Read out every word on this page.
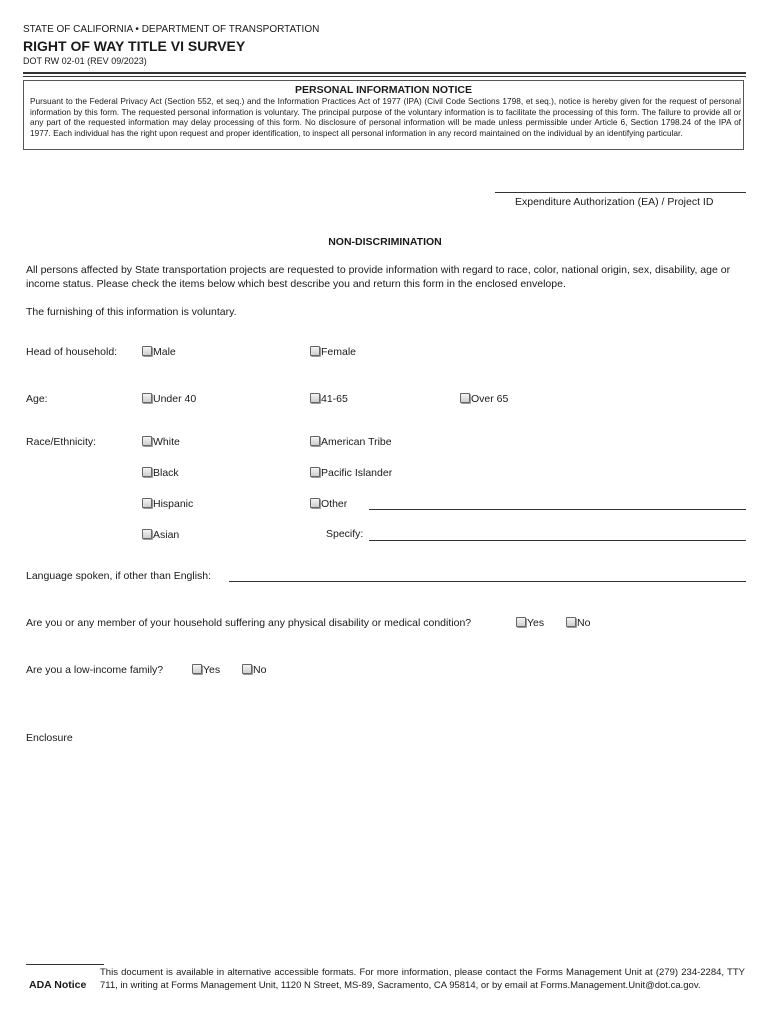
STATE OF CALIFORNIA • DEPARTMENT OF TRANSPORTATION
RIGHT OF WAY TITLE VI SURVEY
DOT RW 02-01 (REV 09/2023)
PERSONAL INFORMATION NOTICE
Pursuant to the Federal Privacy Act (Section 552, et seq.) and the Information Practices Act of 1977 (IPA) (Civil Code Sections 1798, et seq.), notice is hereby given for the request of personal information by this form. The requested personal information is voluntary. The principal purpose of the voluntary information is to facilitate the processing of this form. The failure to provide all or any part of the requested information may delay processing of this form. No disclosure of personal information will be made unless permissible under Article 6, Section 1798.24 of the IPA of 1977. Each individual has the right upon request and proper identification, to inspect all personal information in any record maintained on the individual by an identifying particular.
Expenditure Authorization (EA) / Project ID
NON-DISCRIMINATION
All persons affected by State transportation projects are requested to provide information with regard to race, color, national origin, sex, disability, age or income status. Please check the items below which best describe you and return this form in the enclosed envelope.
The furnishing of this information is voluntary.
Head of household:	Male	Female
Age:	Under 40	41-65	Over 65
Race/Ethnicity:	White	American Tribe
Black	Pacific Islander
Hispanic	Other
Asian	Specify:
Language spoken, if other than English:
Are you or any member of your household suffering any physical disability or medical condition?	Yes	No
Are you a low-income family?	Yes	No
Enclosure
ADA Notice
This document is available in alternative accessible formats. For more information, please contact the Forms Management Unit at (279) 234-2284, TTY 711, in writing at Forms Management Unit, 1120 N Street, MS-89, Sacramento, CA 95814, or by email at Forms.Management.Unit@dot.ca.gov.
